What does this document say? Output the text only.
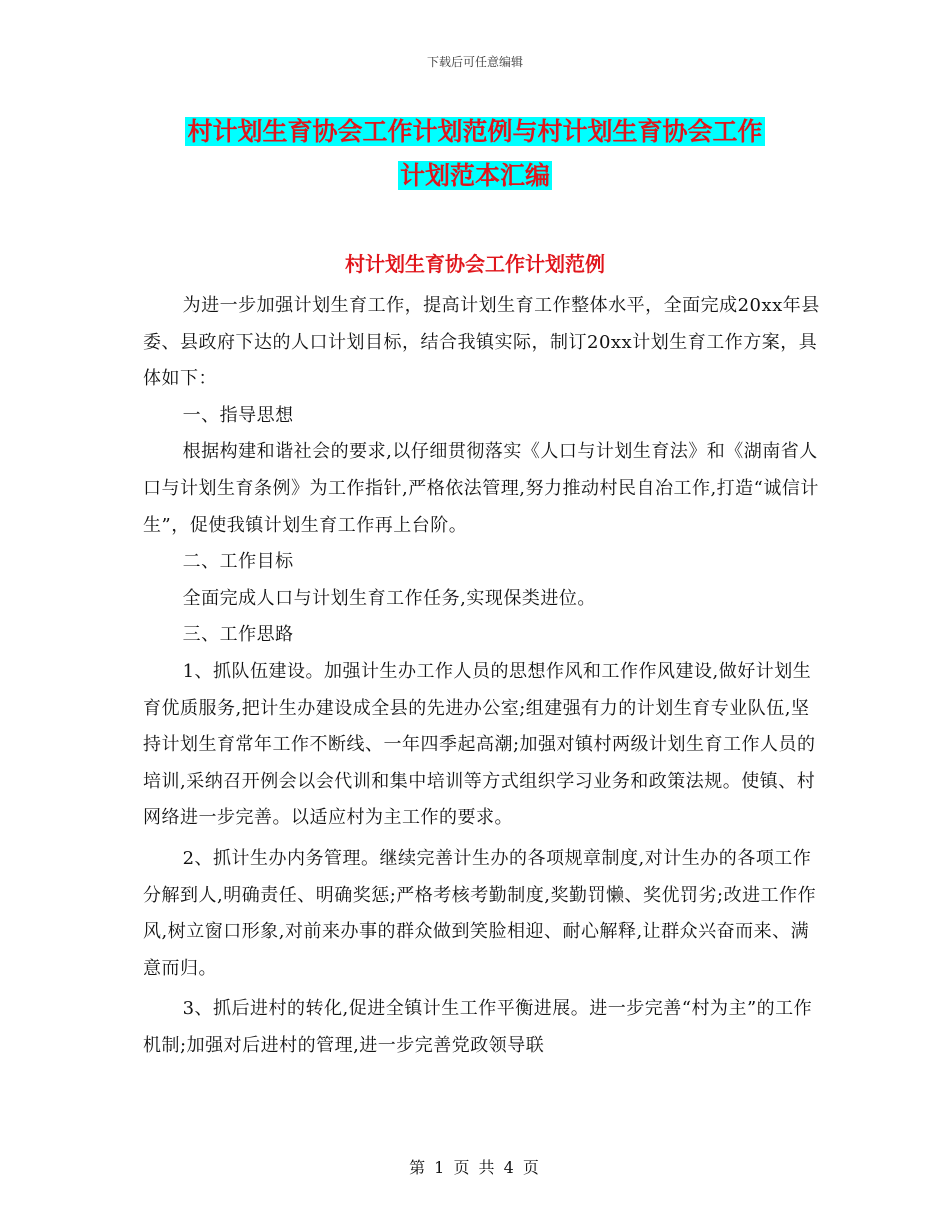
下载后可任意编辑
村计划生育协会工作计划范例与村计划生育协会工作
计划范本汇编
村计划生育协会工作计划范例

为进一步加强计划生育工作，提高计划生育工作整体水平，全面完成20xx年县委、县政府下达的人口计划目标，结合我镇实际，制订20xx计划生育工作方案，具体如下：

一、指导思想

根据构建和谐社会的要求,以仔细贯彻落实《人口与计划生育法》和《湖南省人口与计划生育条例》为工作指针,严格依法管理,努力推动村民自冶工作,打造“诚信计生”，促使我镇计划生育工作再上台阶。

二、工作目标

全面完成人口与计划生育工作任务,实现保类进位。

三、工作思路

1、抓队伍建设。加强计生办工作人员的思想作风和工作作风建设,做好计划生育优质服务,把计生办建设成全县的先进办公室;组建强有力的计划生育专业队伍,坚持计划生育常年工作不断线、一年四季起高潮;加强对镇村两级计划生育工作人员的培训,采纳召开例会以会代训和集中培训等方式组织学习业务和政策法规。使镇、村网络进一步完善。以适应村为主工作的要求。

2、抓计生办内务管理。继续完善计生办的各项规章制度,对计生办的各项工作分解到人,明确责任、明确奖惩;严格考核考勤制度,奖勤罚懒、奖优罚劣;改进工作作风,树立窗口形象,对前来办事的群众做到笑脸相迎、耐心解释,让群众兴奋而来、满意而归。

3、抓后进村的转化,促进全镇计生工作平衡进展。进一步完善“村为主”的工作机制;加强对后进村的管理,进一步完善党政领导联

第 1 页 共 4 页
